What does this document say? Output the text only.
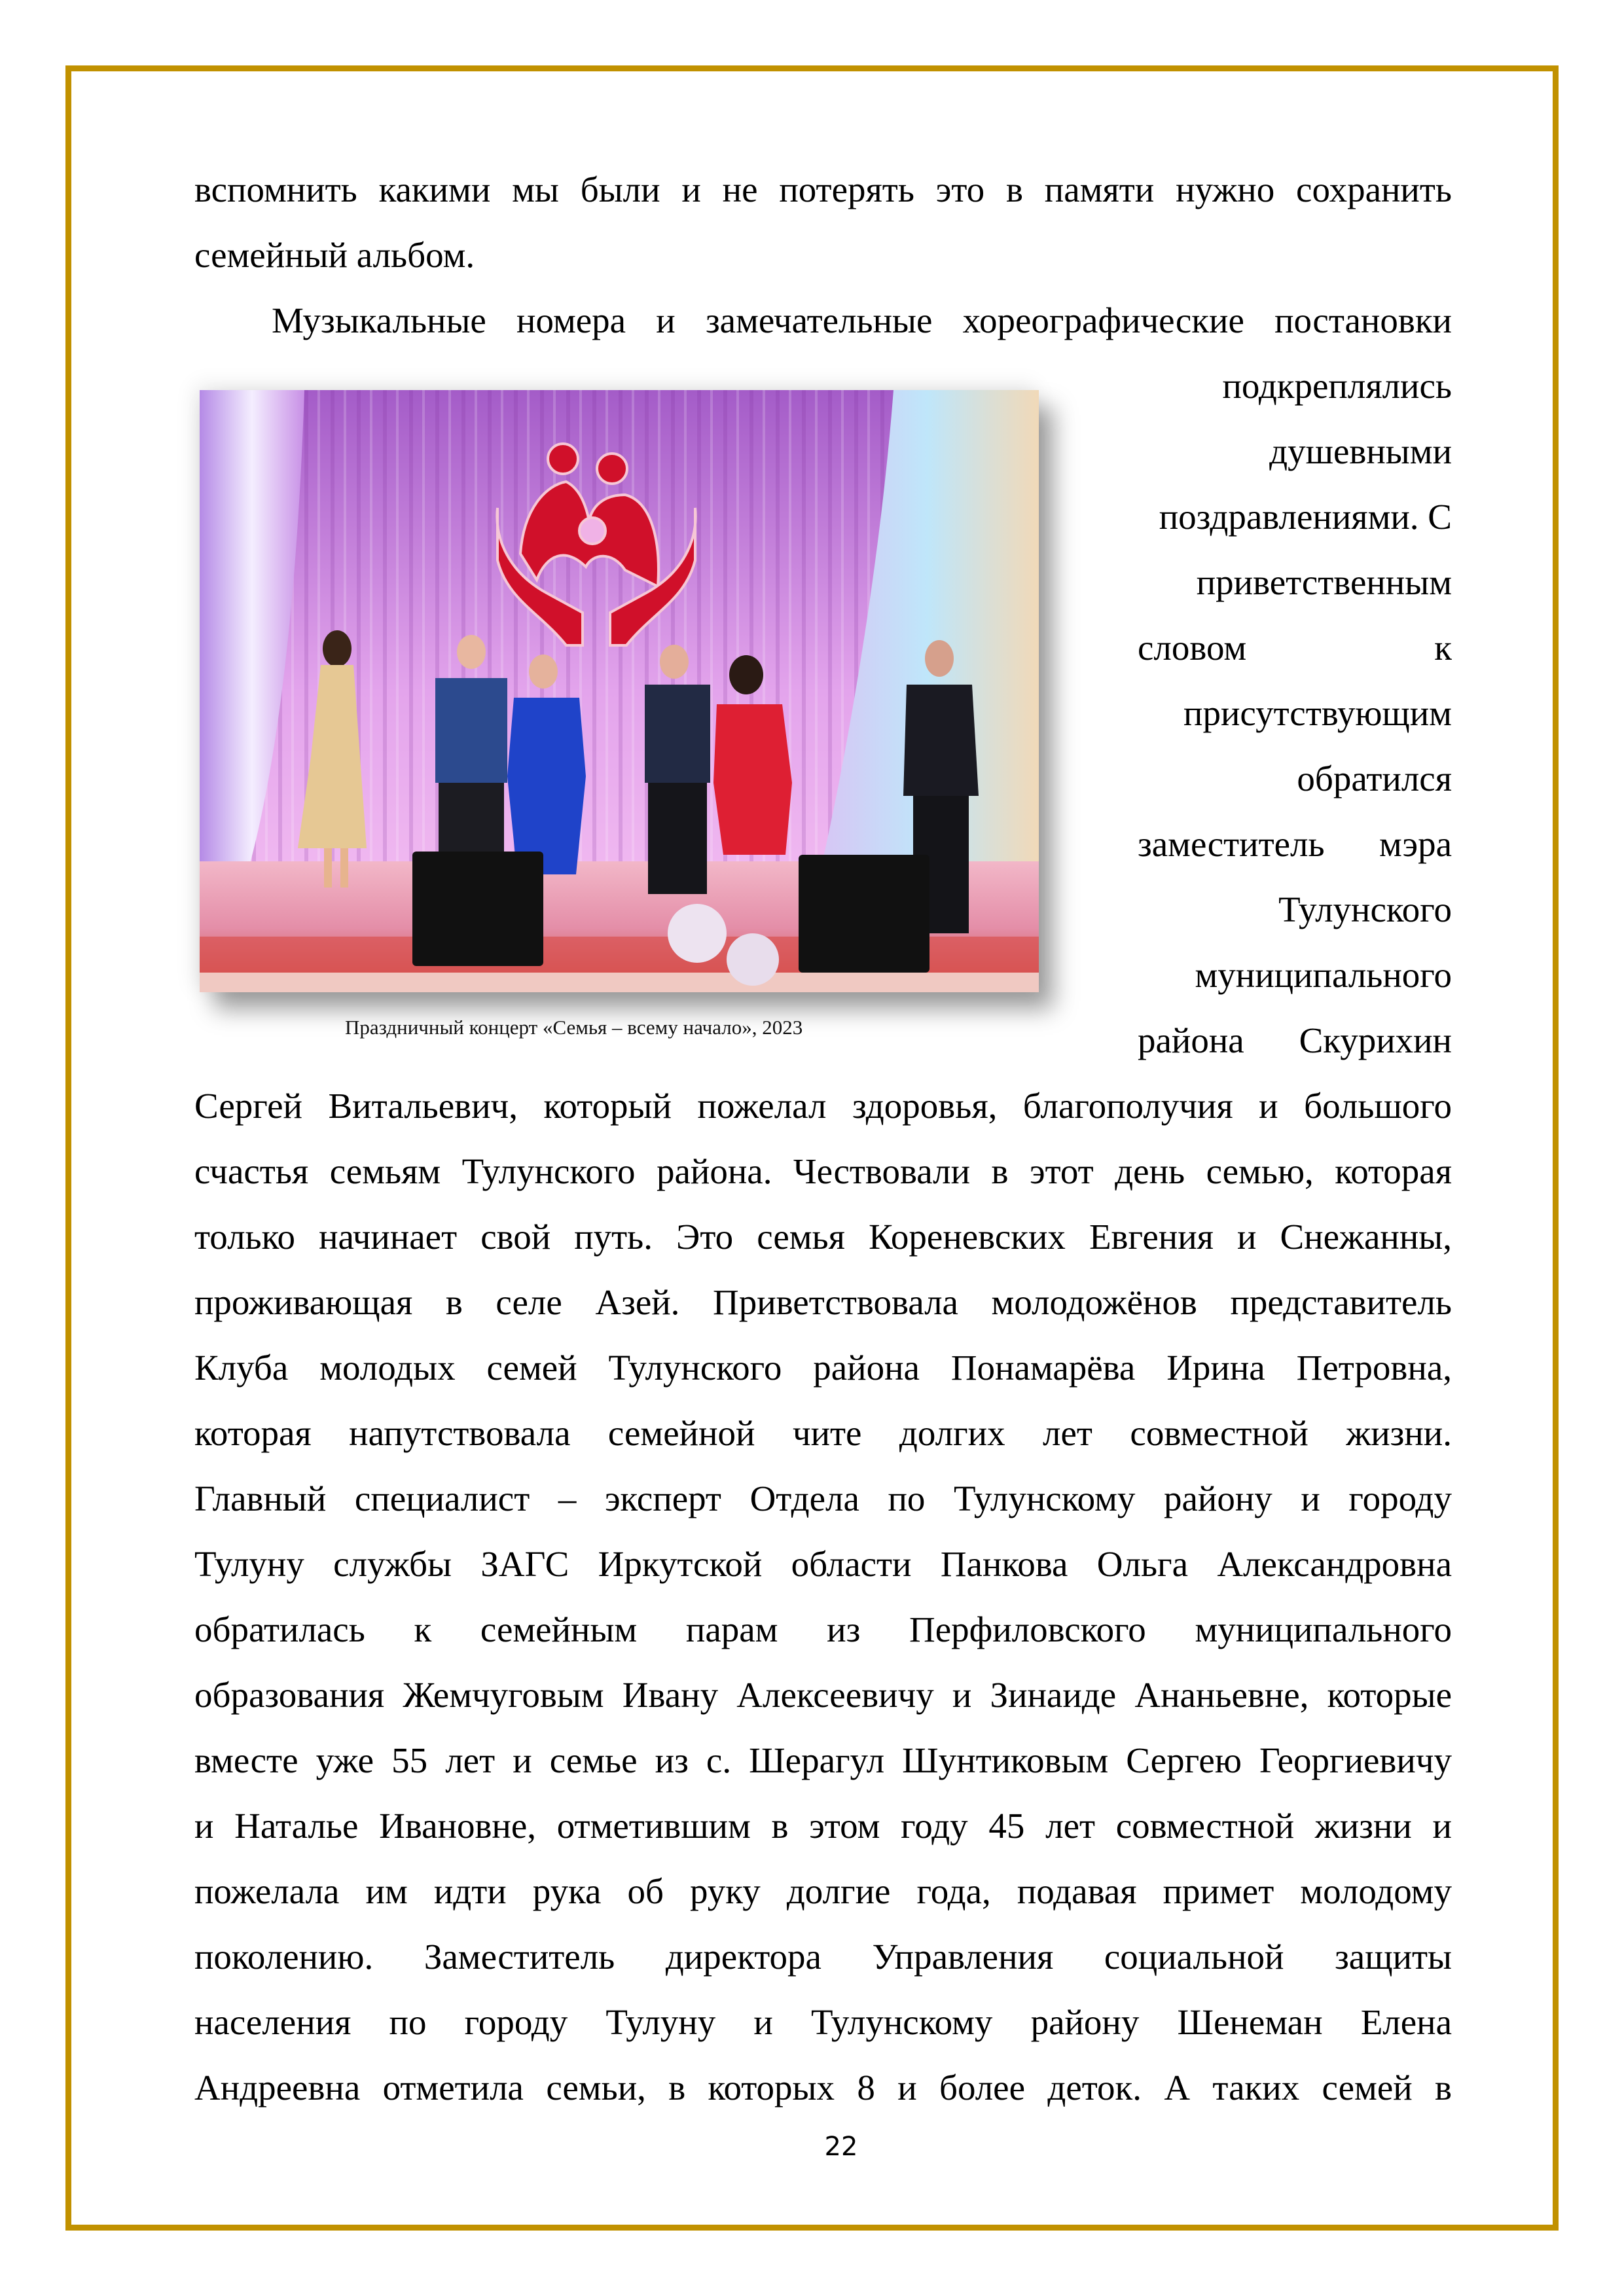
вспомнить какими мы были и не потерять это в памяти нужно сохранить
семейный альбом.
Музыкальные номера и замечательные хореографические постановки
подкреплялись
душевными
поздравлениями. С
приветственным
словом к
присутствующим
обратился
заместитель мэра
Тулунского
муниципального
района Скурихин
Праздничный концерт «Семья – всему начало», 2023
Сергей Витальевич, который пожелал здоровья, благополучия и большого
счастья семьям Тулунского района. Чествовали в этот день семью, которая
только начинает свой путь. Это семья Кореневских Евгения и Снежанны,
проживающая в селе Азей. Приветствовала молодожёнов представитель
Клуба молодых семей Тулунского района Понамарёва Ирина Петровна,
которая напутствовала семейной чите долгих лет совместной жизни.
Главный специалист – эксперт Отдела по Тулунскому району и городу
Тулуну службы ЗАГС Иркутской области Панкова Ольга Александровна
обратилась к семейным парам из Перфиловского муниципального
образования Жемчуговым Ивану Алексеевичу и Зинаиде Ананьевне, которые
вместе уже 55 лет и семье из с. Шерагул Шунтиковым Сергею Георгиевичу
и Наталье Ивановне, отметившим в этом году 45 лет совместной жизни и
пожелала им идти рука об руку долгие года, подавая примет молодому
поколению. Заместитель директора Управления социальной защиты
населения по городу Тулуну и Тулунскому району Шенеман Елена
Андреевна отметила семьи, в которых 8 и более деток. А таких семей в
22
